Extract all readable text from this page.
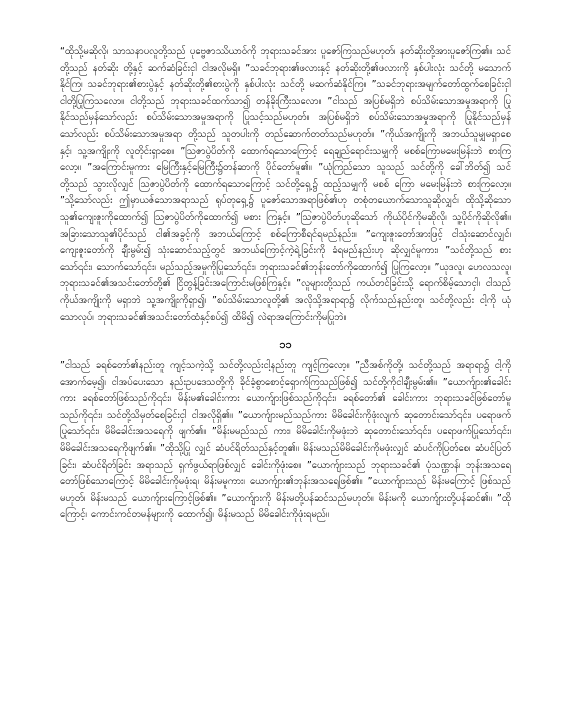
“ထိုသို့မဆိုလို၊ သာသနာပလူတို့သည် ပုဗ္ဗေဇာဿိယာဝ်ကို ဘုရားသခင်အား ပူဇော်ကြသည်မဟုတ်၊ နတ်ဆိုးတို့အားပူဇော်ကြ၏။ သင်တို့သည် နတ်ဆိုး တို့နှင့် ဆက်ဆံခြင်းငှါ ငါအလိုမရှိ။ ”သခင်ဘုရား၏ဖလားနှင့် နတ်ဆိုးတို့၏ဖလားကို နှစ်ပါးလုံး သင်တို့ မသောက်နိုင်ကြ၊ သခင်ဘုရား၏စားပွဲနှင့် နတ်ဆိုးတို့၏စားပွဲကို နှစ်ပါးလုံး သင်တို့ မဆက်ဆံနိုင်ကြ။ ”သခင်ဘုရားအမျက်တော်ထွက်စေခြင်းငှါ ငါတို့ပြုကြသလော။ ငါတို့သည် ဘုရားသခင်ထက်သာ၍ တန်ခိုးကြီးသလော။ ”ငါသည် အပြစ်မရှိဘဲ စပ်သိမ်းသောအမှုအရာကို ပြုနိုင်သည်မှန်သော်လည်း စပ်သိမ်းသောအမှုအရာကို ပြုသင့်သည်မဟုတ်။ အပြစ်မရှိဘဲ စပ်သိမ်းသောအမှုအရာကို ပြုနိုင်သည်မှန်သော်လည်း စပ်သိမ်းသောအမှုအရာ တို့သည် သူတပါးကို တည်ဆောက်တတ်သည်မဟုတ်။ ”ကိုယ်အကျိုးကို အဘယ်သူမျှမရှာစေနှင့်၊ သူ့အကျိုးကို လူတိုင်းရှာစေ။ ”သြဇာပွဲပိတ်ကို ထောက်ရသောကြောင့် ရေချည်ရောင်းသမျှကို မစစ်ကြောမမေးမြန်းဘဲ စားကြလော့။ ”အကြောင်းမူကား မြေကြီးနှင့်မြေကြီး၌တန်ဆာကို ပိုင်တော်မူ၏။ ”ယုံကြည်သော သူသည် သင်တို့ကို ခေါ်ဘိတ်၍ သင်တို့သည် သွားလိုလျှင် သြဇာပွဲပိတ်ကို ထောက်ရသောကြောင့် သင်တို့ရှေ့၌ ထည့်သမျှကို မစစ် ကြော မမေးမြန်းဘဲ စားကြလော့။ ”သို့သော်လည်း ဤမှာယဇ်သောအရာသည် ရုပ်တုရှေ့၌ ပူဇော်သောအရာဖြစ်၏ဟု တစုံတယောက်သောသူဆိုလျှင်၊ ထိုသို့ဆိုသောသူ၏ကျေးဇူးကိုထောက်၍ သြဇာပွဲပိတ်ကိုထောက်၍ မစား ကြနှင့်။ ”သြဇာပွဲပိတ်ဟုဆိုသော် ကိုယ်ပိုင်ကိုမဆိုလို၊ သူ့ပိုင်ကိုဆိုလို၏။ အခြားသောသူ၏ပိုင်သည် ငါ၏အခွင့်ကို အဘယ်ကြောင့် စစ်ကြောစီရင်ရမည်နည်း။ ”ကျေးဇူးတော်အားဖြင့် ငါသုံးဆောင်လျှင်၊ ကျေးဇူးတော်ကို ချီးမွမ်း၍ သုံးဆောင်သည့်တွင် အဘယ်ကြောင့်ကဲ့ရဲ့ခြင်းကို ခံရမည်နည်းဟု ဆိုလျှင်မူကား၊ ”သင်တို့သည် စားသော်၎င်း၊ သောက်သော်၎င်း၊ မည်သည့်အမှုကိုပြုသော်၎င်း၊ ဘုရားသခင်၏ဘုန်းတော်ကိုထောက်၍ ပြုကြလော့။ ”ယုဒလူ၊ ဟေလသလူ၊ ဘုရားသခင်၏အသင်းတော်တို့၏ ငြိတွန့်ခြင်းအကြောင်းမဖြစ်ကြနှင့်။ ”လူများတို့သည် ကယ်တင်ခြင်းသို့ ရောက်စိမ့်သောငှါ၊ ငါသည် ကိုယ်အကျိုးကို မရှာဘဲ သူ့အကျိုးကိုရှာ၍၊ ”စပ်သိမ်းသောလူတို့၏ အလိုသို့အရာရာ၌ လိုက်သည်နည်းတူ၊ သင်တို့လည်း ငါ့ကို ယုံသောလုပ်၊ ဘုရားသခင်၏အသင်းတော်ထံနှင့်စပ်၍ ထိမိ၍ လဲရာအကြောင်းကိုမပြုဘဲ။

၁၁

”ငါသည် ခရစ်တော်၏နည်းတူ ကျင့်သကဲ့သို့ သင်တို့လည်းငါ့နည်းတူ ကျင့်ကြလော့။ ”ညီအစ်ကိုတို့၊ သင်တို့သည် အရာရာ၌ ငါ့ကိုအောက်မေ့၍၊ ငါအပ်ပေးသော နည်းဥပဒေသတို့ကို ခိုင်ခံ့စွာစောင့်ရှောက်ကြသည်ဖြစ်၍ သင်တို့ကိုငါချီးမွမ်း၏။ ”ယောက်ျား၏ခေါင်းကား ခရစ်တော်ဖြစ်သည်ကို၎င်း၊ မိန်းမ၏ခေါင်းကား ယောက်ျားဖြစ်သည်ကို၎င်း၊ ခရစ်တော်၏ ခေါင်းကား ဘုရားသခင်ဖြစ်တော်မူသည်ကို၎င်း၊ သင်တို့သိမှတ်စေခြင်းငှါ ငါအလိုရှိ၏။ ”ယောက်ျားမည်သည်ကား မိမိခေါင်းကိုဖုံးလျက် ဆုတောင်းသော်၎င်း၊ ပရောဖက်ပြုသော်၎င်း၊ မိမိခေါင်းအသရေကို ဖျက်၏။ ”မိန်းမမည်သည် ကား၊ မိမိခေါင်းကိုမဖုံးဘဲ ဆုတောင်းသော်၎င်း၊ ပရောဖက်ပြုသော်၎င်း၊ မိမိခေါင်းအသရေကိုဖျက်၏။ ”ထိုသို့ပြု လျှင် ဆံပင်ရိတ်သည်နှင့်တူ၏။ မိန်းမသည်မိမိခေါင်းကိုမဖုံးလျှင် ဆံပင်ကိုပြတ်စေ၊ ဆံပင်ပြတ်ခြင်း၊ ဆံပင်ရိတ်ခြင်း အရာသည် ရှက်ဖွယ်ရာဖြစ်လျှင် ခေါင်းကိုဖုံးစေ။ ”ယောက်ျားသည် ဘုရားသခင်၏ ပုံသဏ္ဌာန်၊ ဘုန်းအသရေတော်ဖြစ်သောကြောင့် မိမိခေါင်းကိုမဖုံးရ၊ မိန်းမမူကား၊ ယောက်ျား၏ဘုန်းအသရေဖြစ်၏။ ”ယောက်ျားသည် မိန်းမကြောင့် ဖြစ်သည်မဟုတ်၊ မိန်းမသည် ယောက်ျားကြောင့်ဖြစ်၏။ ”ယောက်ျားကို မိန်းမတို့ပန်ဆင်သည်မဟုတ်။ မိန်းမကို ယောက်ျားတို့ပန်ဆင်၏။ ”ထိုကြောင့်၊ ကောင်းကင်တမန်များကို ထောက်၍၊ မိန်းမသည် မိမိခေါင်းကိုဖုံးရမည်။
